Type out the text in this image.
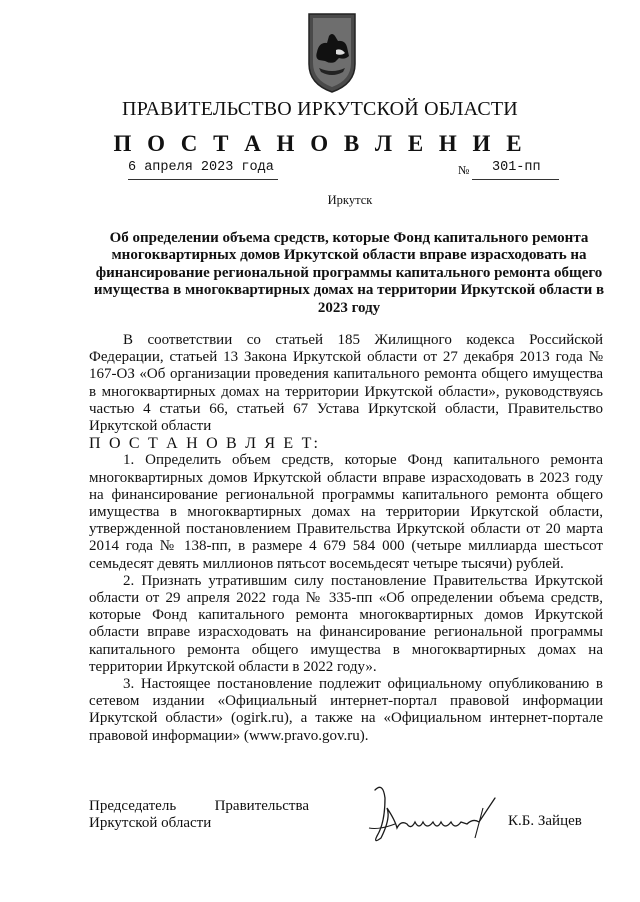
ПРАВИТЕЛЬСТВО ИРКУТСКОЙ ОБЛАСТИ
П О С Т А Н О В Л Е Н И Е
6 апреля 2023 года	№ 301-пп
Иркутск

Об определении объема средств, которые Фонд капитального ремонта многоквартирных домов Иркутской области вправе израсходовать на финансирование региональной программы капитального ремонта общего имущества в многоквартирных домах на территории Иркутской области в 2023 году

В соответствии со статьей 185 Жилищного кодекса Российской Федерации, статьей 13 Закона Иркутской области от 27 декабря 2013 года № 167-ОЗ «Об организации проведения капитального ремонта общего имущества в многоквартирных домах на территории Иркутской области», руководствуясь частью 4 статьи 66, статьей 67 Устава Иркутской области, Правительство Иркутской области

П О С Т А Н О В Л Я Е Т:

1. Определить объем средств, которые Фонд капитального ремонта многоквартирных домов Иркутской области вправе израсходовать в 2023 году на финансирование региональной программы капитального ремонта общего имущества в многоквартирных домах на территории Иркутской области, утвержденной постановлением Правительства Иркутской области от 20 марта 2014 года № 138-пп, в размере 4 679 584 000 (четыре миллиарда шестьсот семьдесят девять миллионов пятьсот восемьдесят четыре тысячи) рублей.

2. Признать утратившим силу постановление Правительства Иркутской области от 29 апреля 2022 года № 335-пп «Об определении объема средств, которые Фонд капитального ремонта многоквартирных домов Иркутской области вправе израсходовать на финансирование региональной программы капитального ремонта общего имущества в многоквартирных домах на территории Иркутской области в 2022 году».

3. Настоящее постановление подлежит официальному опубликованию в сетевом издании «Официальный интернет-портал правовой информации Иркутской области» (ogirk.ru), а также на «Официальном интернет-портале правовой информации» (www.pravo.gov.ru).

Председатель	Правительства
Иркутской области	К.Б. Зайцев
